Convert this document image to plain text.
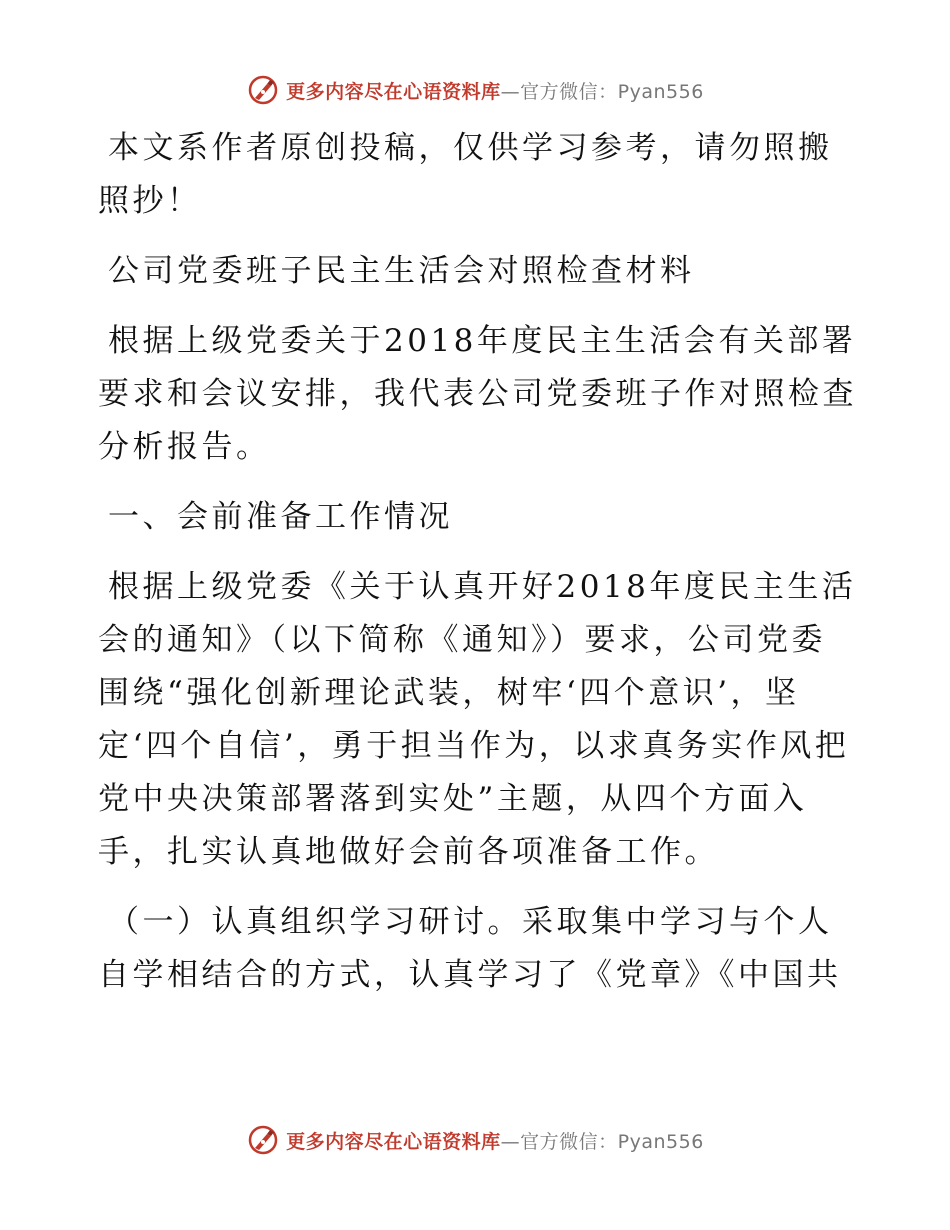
更多内容尽在心语资料库—官方微信：Pyan556

本文系作者原创投稿，仅供学习参考，请勿照搬照抄！

公司党委班子民主生活会对照检查材料

根据上级党委关于2018年度民主生活会有关部署要求和会议安排，我代表公司党委班子作对照检查分析报告。

一、会前准备工作情况

根据上级党委《关于认真开好2018年度民主生活会的通知》（以下简称《通知》）要求，公司党委围绕“强化创新理论武装，树牢‘四个意识’，坚定‘四个自信’，勇于担当作为，以求真务实作风把党中央决策部署落到实处”主题，从四个方面入手，扎实认真地做好会前各项准备工作。

（一）认真组织学习研讨。采取集中学习与个人自学相结合的方式，认真学习了《党章》《中国共

更多内容尽在心语资料库—官方微信：Pyan556
